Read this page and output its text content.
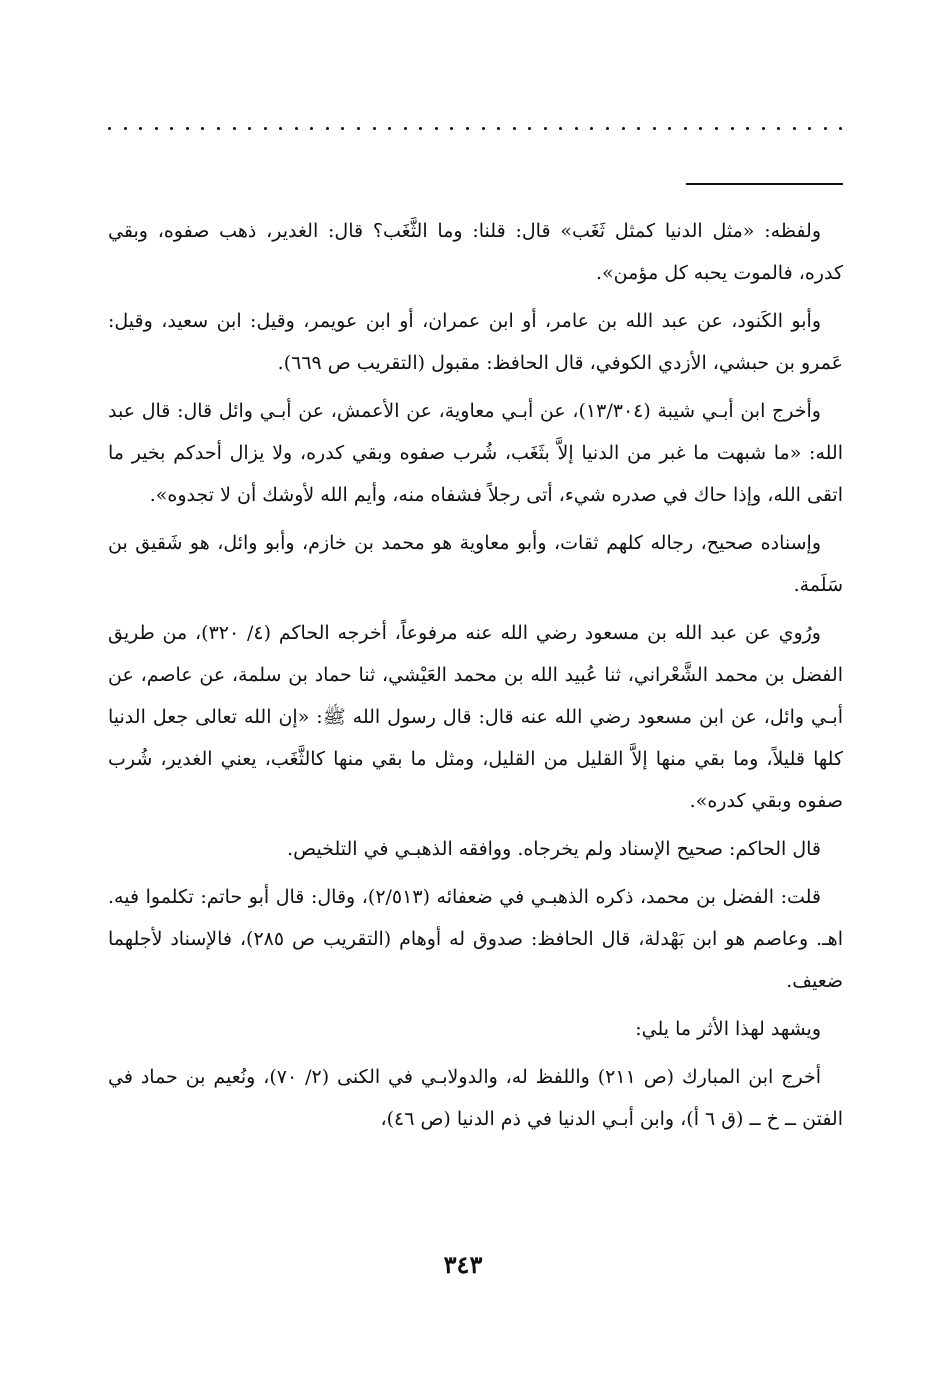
ولفظه: «مثل الدنيا كمثل ثَغَب» قال: قلنا: وما الثَّغَب؟ قال: الغدير، ذهب صفوه، وبقي كدره، فالموت يحبه كل مؤمن».

وأبو الكَنود، عن عبد الله بن عامر، أو ابن عمران، أو ابن عويمر، وقيل: ابن سعيد، وقيل: عَمرو بن حبشي، الأزدي الكوفي، قال الحافظ: مقبول (التقريب ص ٦٦٩).

وأخرج ابن أبـي شيبة (١٣/٣٠٤)، عن أبـي معاوية، عن الأعمش، عن أبـي وائل قال: قال عبد الله: «ما شبهت ما غبر من الدنيا إلاَّ بثَغَب، شُرب صفوه وبقي كدره، ولا يزال أحدكم بخير ما اتقى الله، وإذا حاك في صدره شيء، أتى رجلاً فشفاه منه، وأيم الله لأوشك أن لا تجدوه».

وإسناده صحيح، رجاله كلهم ثقات، وأبو معاوية هو محمد بن خازم، وأبو وائل، هو شَقيق بن سَلَمة.

ورُوي عن عبد الله بن مسعود رضي الله عنه مرفوعاً، أخرجه الحاكم (٤/ ٣٢٠)، من طريق الفضل بن محمد الشَّعْراني، ثنا عُبيد الله بن محمد العَيْشي، ثنا حماد بن سلمة، عن عاصم، عن أبـي وائل، عن ابن مسعود رضي الله عنه قال: قال رسول الله ﷺ: «إن الله تعالى جعل الدنيا كلها قليلاً، وما بقي منها إلاَّ القليل من القليل، ومثل ما بقي منها كالثَّغَب، يعني الغدير، شُرب صفوه وبقي كدره».

قال الحاكم: صحيح الإسناد ولم يخرجاه. ووافقه الذهبـي في التلخيص.

قلت: الفضل بن محمد، ذكره الذهبـي في ضعفائه (٢/٥١٣)، وقال: قال أبو حاتم: تكلموا فيه. اهـ. وعاصم هو ابن بَهْدلة، قال الحافظ: صدوق له أوهام (التقريب ص ٢٨٥)، فالإسناد لأجلهما ضعيف.

ويشهد لهذا الأثر ما يلي:

أخرج ابن المبارك (ص ٢١١) واللفظ له، والدولابـي في الكنى (٢/ ٧٠)، ونُعيم بن حماد في الفتن ــ خ ــ (ق ٦ أ)، وابن أبـي الدنيا في ذم الدنيا (ص ٤٦)،

٣٤٣
